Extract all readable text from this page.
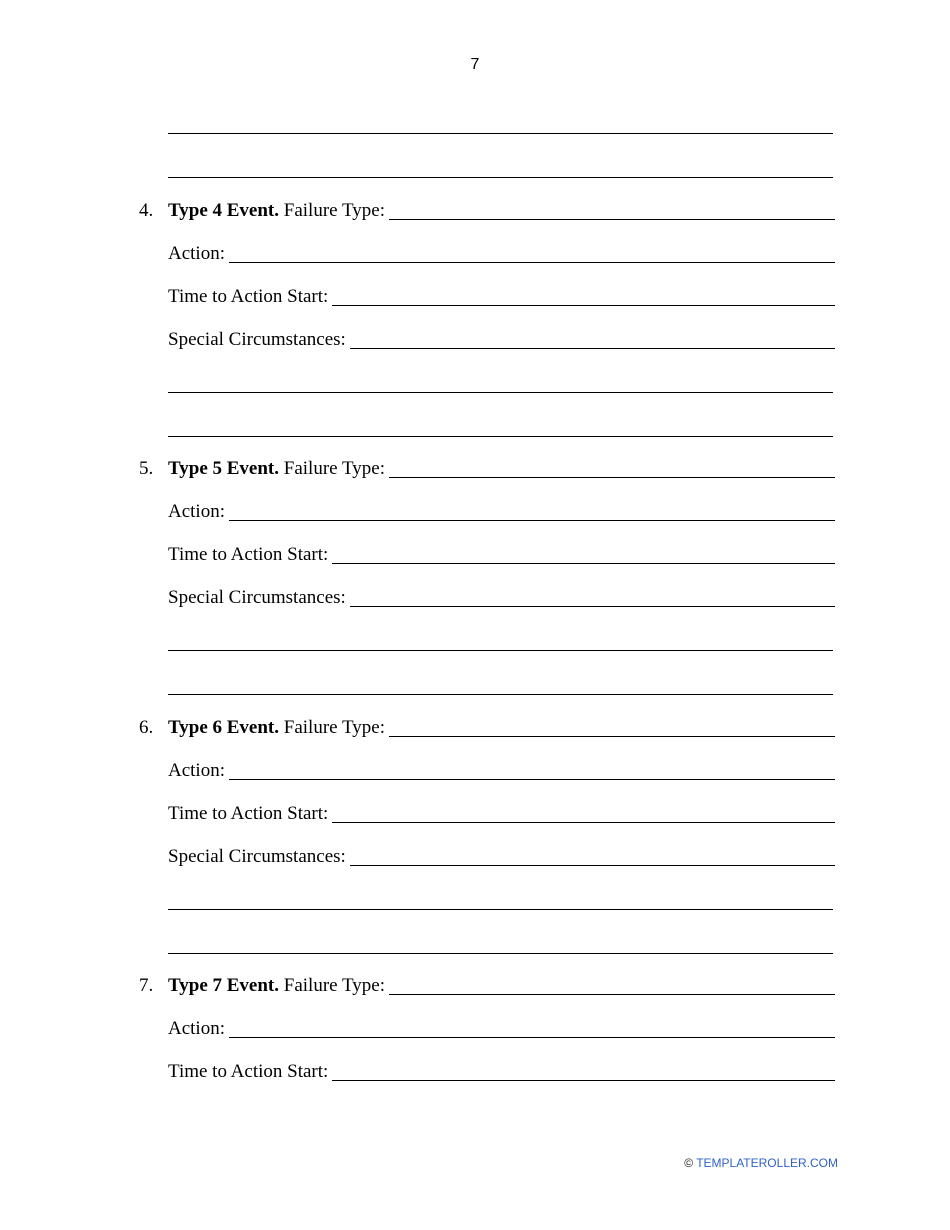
7
4. Type 4 Event. Failure Type:
Action:
Time to Action Start:
Special Circumstances:
5. Type 5 Event. Failure Type:
Action:
Time to Action Start:
Special Circumstances:
6. Type 6 Event. Failure Type:
Action:
Time to Action Start:
Special Circumstances:
7. Type 7 Event. Failure Type:
Action:
Time to Action Start:
© TEMPLATEROLLER.COM
